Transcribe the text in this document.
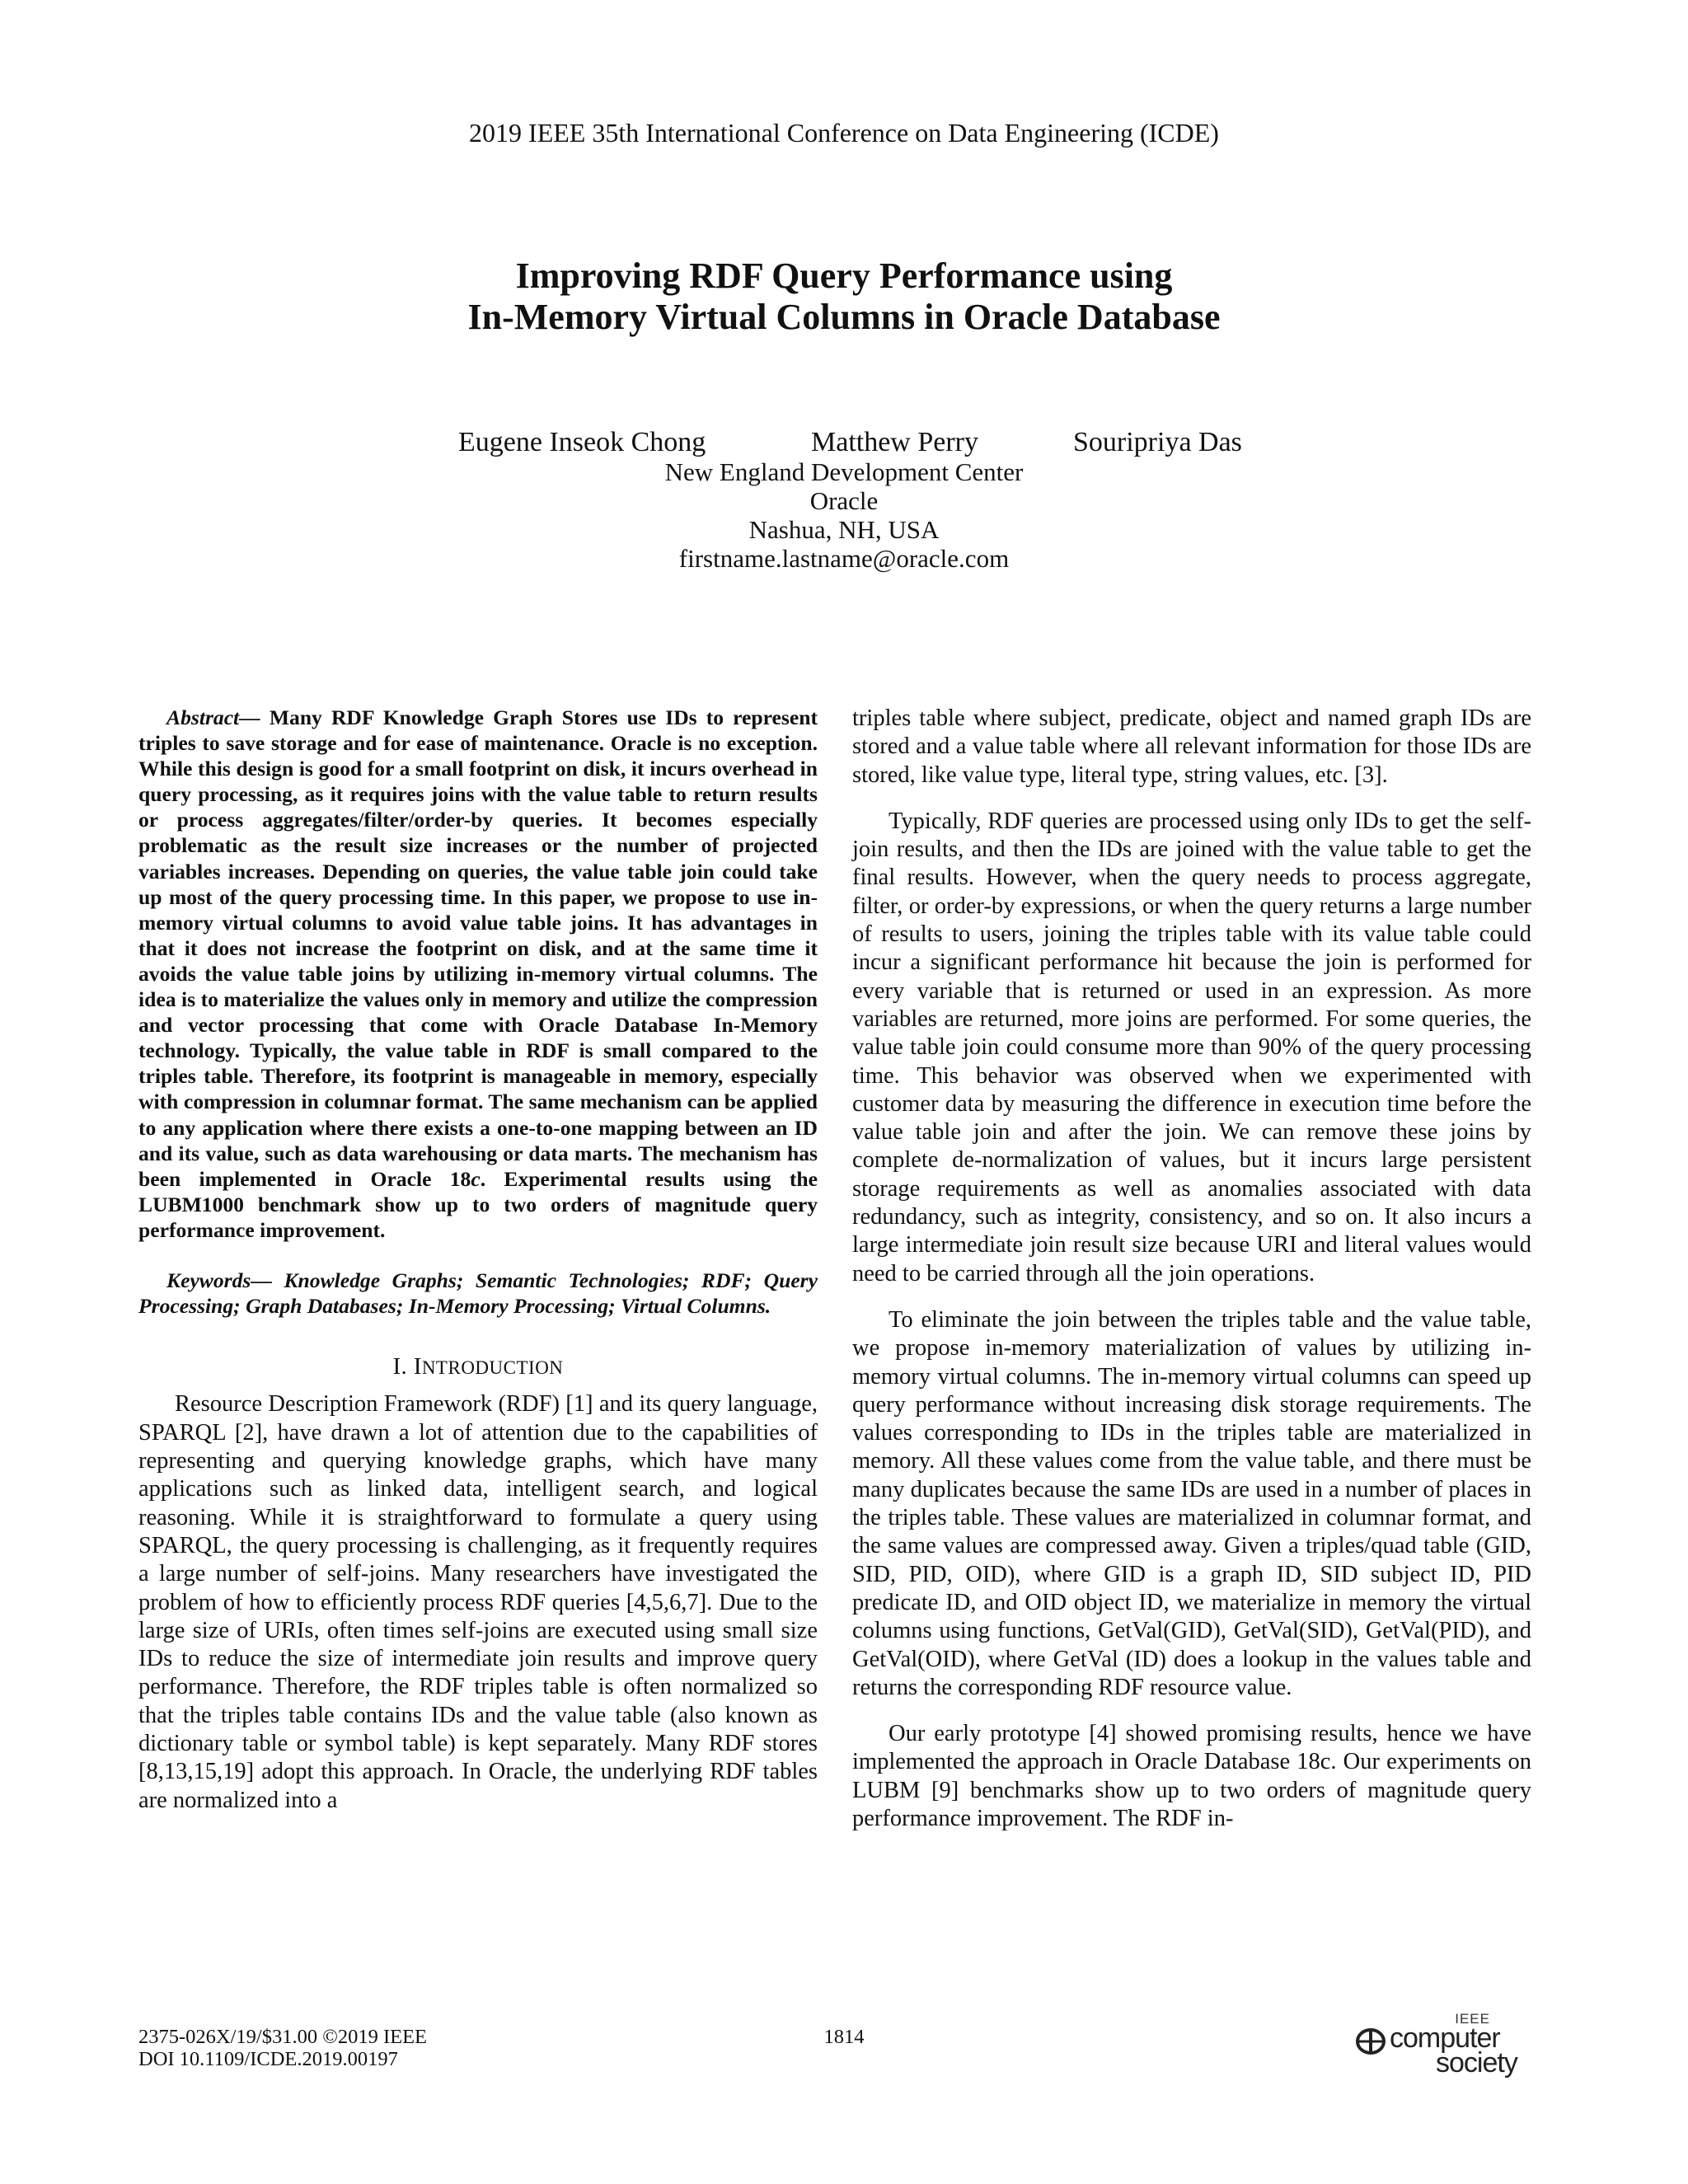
2019 IEEE 35th International Conference on Data Engineering (ICDE)
Improving RDF Query Performance using
In-Memory Virtual Columns in Oracle Database
Eugene Inseok Chong	Matthew Perry	Souripriya Das
New England Development Center
Oracle
Nashua, NH, USA
firstname.lastname@oracle.com

Abstract— Many RDF Knowledge Graph Stores use IDs to represent triples to save storage and for ease of maintenance. Oracle is no exception. While this design is good for a small footprint on disk, it incurs overhead in query processing, as it requires joins with the value table to return results or process aggregates/filter/order-by queries. It becomes especially problematic as the result size increases or the number of projected variables increases. Depending on queries, the value table join could take up most of the query processing time. In this paper, we propose to use in-memory virtual columns to avoid value table joins. It has advantages in that it does not increase the footprint on disk, and at the same time it avoids the value table joins by utilizing in-memory virtual columns. The idea is to materialize the values only in memory and utilize the compression and vector processing that come with Oracle Database In-Memory technology. Typically, the value table in RDF is small compared to the triples table. Therefore, its footprint is manageable in memory, especially with compression in columnar format. The same mechanism can be applied to any application where there exists a one-to-one mapping between an ID and its value, such as data warehousing or data marts. The mechanism has been implemented in Oracle 18c. Experimental results using the LUBM1000 benchmark show up to two orders of magnitude query performance improvement.

Keywords— Knowledge Graphs; Semantic Technologies; RDF; Query Processing; Graph Databases; In-Memory Processing; Virtual Columns.

I. INTRODUCTION

Resource Description Framework (RDF) [1] and its query language, SPARQL [2], have drawn a lot of attention due to the capabilities of representing and querying knowledge graphs, which have many applications such as linked data, intelligent search, and logical reasoning. While it is straightforward to formulate a query using SPARQL, the query processing is challenging, as it frequently requires a large number of self-joins. Many researchers have investigated the problem of how to efficiently process RDF queries [4,5,6,7]. Due to the large size of URIs, often times self-joins are executed using small size IDs to reduce the size of intermediate join results and improve query performance. Therefore, the RDF triples table is often normalized so that the triples table contains IDs and the value table (also known as dictionary table or symbol table) is kept separately. Many RDF stores [8,13,15,19] adopt this approach. In Oracle, the underlying RDF tables are normalized into a

triples table where subject, predicate, object and named graph IDs are stored and a value table where all relevant information for those IDs are stored, like value type, literal type, string values, etc. [3].

Typically, RDF queries are processed using only IDs to get the self-join results, and then the IDs are joined with the value table to get the final results. However, when the query needs to process aggregate, filter, or order-by expressions, or when the query returns a large number of results to users, joining the triples table with its value table could incur a significant performance hit because the join is performed for every variable that is returned or used in an expression. As more variables are returned, more joins are performed. For some queries, the value table join could consume more than 90% of the query processing time. This behavior was observed when we experimented with customer data by measuring the difference in execution time before the value table join and after the join. We can remove these joins by complete de-normalization of values, but it incurs large persistent storage requirements as well as anomalies associated with data redundancy, such as integrity, consistency, and so on. It also incurs a large intermediate join result size because URI and literal values would need to be carried through all the join operations.

To eliminate the join between the triples table and the value table, we propose in-memory materialization of values by utilizing in-memory virtual columns. The in-memory virtual columns can speed up query performance without increasing disk storage requirements. The values corresponding to IDs in the triples table are materialized in memory. All these values come from the value table, and there must be many duplicates because the same IDs are used in a number of places in the triples table. These values are materialized in columnar format, and the same values are compressed away. Given a triples/quad table (GID, SID, PID, OID), where GID is a graph ID, SID subject ID, PID predicate ID, and OID object ID, we materialize in memory the virtual columns using functions, GetVal(GID), GetVal(SID), GetVal(PID), and GetVal(OID), where GetVal (ID) does a lookup in the values table and returns the corresponding RDF resource value.

Our early prototype [4] showed promising results, hence we have implemented the approach in Oracle Database 18c. Our experiments on LUBM [9] benchmarks show up to two orders of magnitude query performance improvement. The RDF in-

2375-026X/19/$31.00 ©2019 IEEE
DOI 10.1109/ICDE.2019.00197
1814
IEEE
computer
society
